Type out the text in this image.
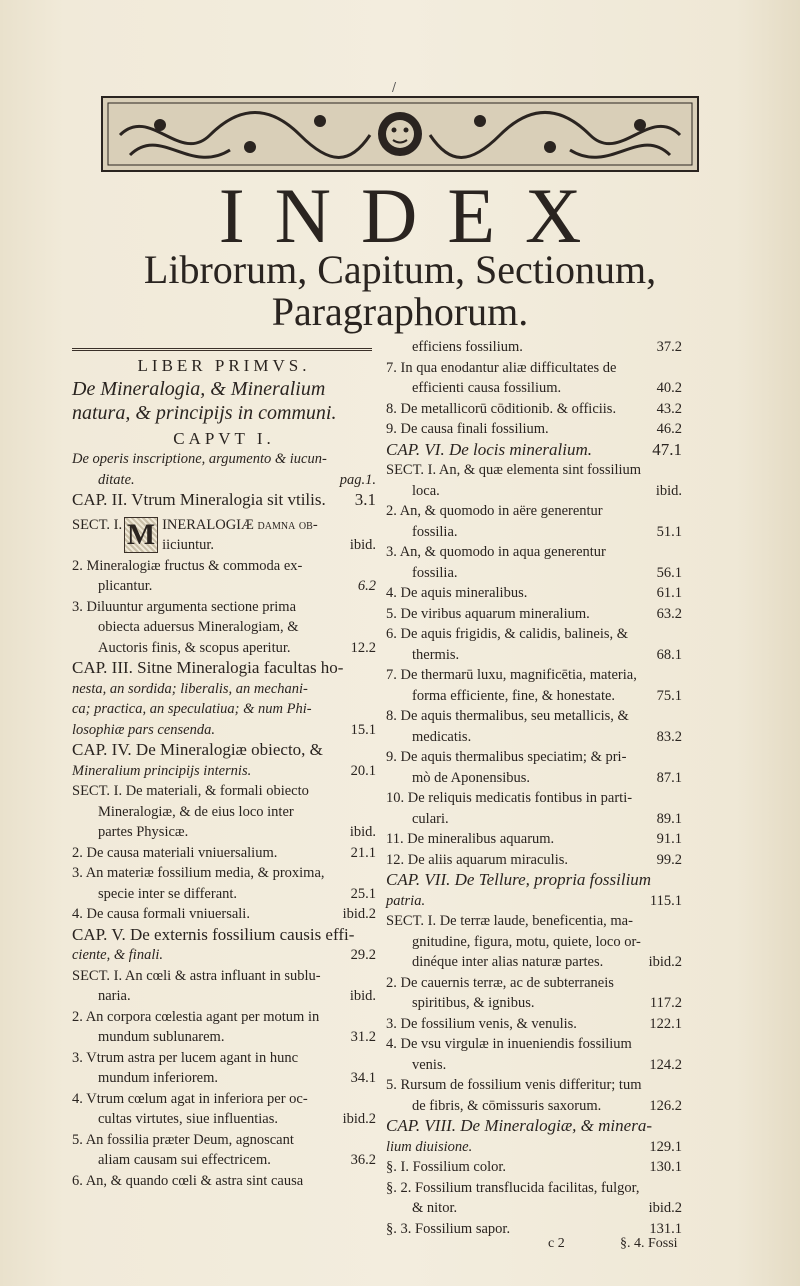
/
INDEX
Librorum, Capitum, Sectionum,
Paragraphorum.
LIBER PRIMVS.
De Mineralogia, & Mineralium
natura, & principijs in communi.
CAPVT I.
De operis inscriptione, argumento & iucun-
ditate.	pag.1.
CAP. II. Vtrum Mineralogia sit vtilis.	3.1
SECT. I. M INERALOGIÆ damna ob-
iiciuntur.	ibid.
2. Mineralogiæ fructus & commoda ex-
plicantur.	6.2
3. Diluuntur argumenta sectione prima
obiecta aduersus Mineralogiam, &
Auctoris finis, & scopus aperitur.	12.2
CAP. III. Sitne Mineralogia facultas ho-
nesta, an sordida; liberalis, an mechani-
ca; practica, an speculatiua; & num Phi-
losophiæ pars censenda.	15.1
CAP. IV. De Mineralogiæ obiecto, &
Mineralium principijs internis.	20.1
SECT. I. De materiali, & formali obiecto
Mineralogiæ, & de eius loco inter
partes Physicæ.	ibid.
2. De causa materiali vniuersalium.	21.1
3. An materiæ fossilium media, & proxima,
specie inter se differant.	25.1
4. De causa formali vniuersali.	ibid.2
CAP. V. De externis fossilium causis effi-
ciente, & finali.	29.2
SECT. I. An cœli & astra influant in sublu-
naria.	ibid.
2. An corpora cœlestia agant per motum in
mundum sublunarem.	31.2
3. Vtrum astra per lucem agant in hunc
mundum inferiorem.	34.1
4. Vtrum cœlum agat in inferiora per oc-
cultas virtutes, siue influentias.	ibid.2
5. An fossilia præter Deum, agnoscant
aliam causam sui effectricem.	36.2
6. An, & quando cœli & astra sint causa
efficiens fossilium.	37.2
7. In qua enodantur aliæ difficultates de
efficienti causa fossilium.	40.2
8. De metallicorū cōditionib. & officiis.	43.2
9. De causa finali fossilium.	46.2
CAP. VI. De locis mineralium.	47.1
SECT. I. An, & quæ elementa sint fossilium
loca.	ibid.
2. An, & quomodo in aëre generentur
fossilia.	51.1
3. An, & quomodo in aqua generentur
fossilia.	56.1
4. De aquis mineralibus.	61.1
5. De viribus aquarum mineralium.	63.2
6. De aquis frigidis, & calidis, balineis, &
thermis.	68.1
7. De thermarū luxu, magnificētia, materia,
forma efficiente, fine, & honestate.	75.1
8. De aquis thermalibus, seu metallicis, &
medicatis.	83.2
9. De aquis thermalibus speciatim; & pri-
mò de Aponensibus.	87.1
10. De reliquis medicatis fontibus in parti-
culari.	89.1
11. De mineralibus aquarum.	91.1
12. De aliis aquarum miraculis.	99.2
CAP. VII. De Tellure, propria fossilium
patria.	115.1
SECT. I. De terræ laude, beneficentia, ma-
gnitudine, figura, motu, quiete, loco or-
dinéque inter alias naturæ partes.	ibid.2
2. De cauernis terræ, ac de subterraneis
spiritibus, & ignibus.	117.2
3. De fossilium venis, & venulis.	122.1
4. De vsu virgulæ in inueniendis fossilium
venis.	124.2
5. Rursum de fossilium venis differitur; tum
de fibris, & cōmissuris saxorum.	126.2
CAP. VIII. De Mineralogiæ, & minera-
lium diuisione.	129.1
§. I. Fossilium color.	130.1
§. 2. Fossilium transflucida facilitas, fulgor,
& nitor.	ibid.2
§. 3. Fossilium sapor.	131.1
c 2	§. 4. Fossi
